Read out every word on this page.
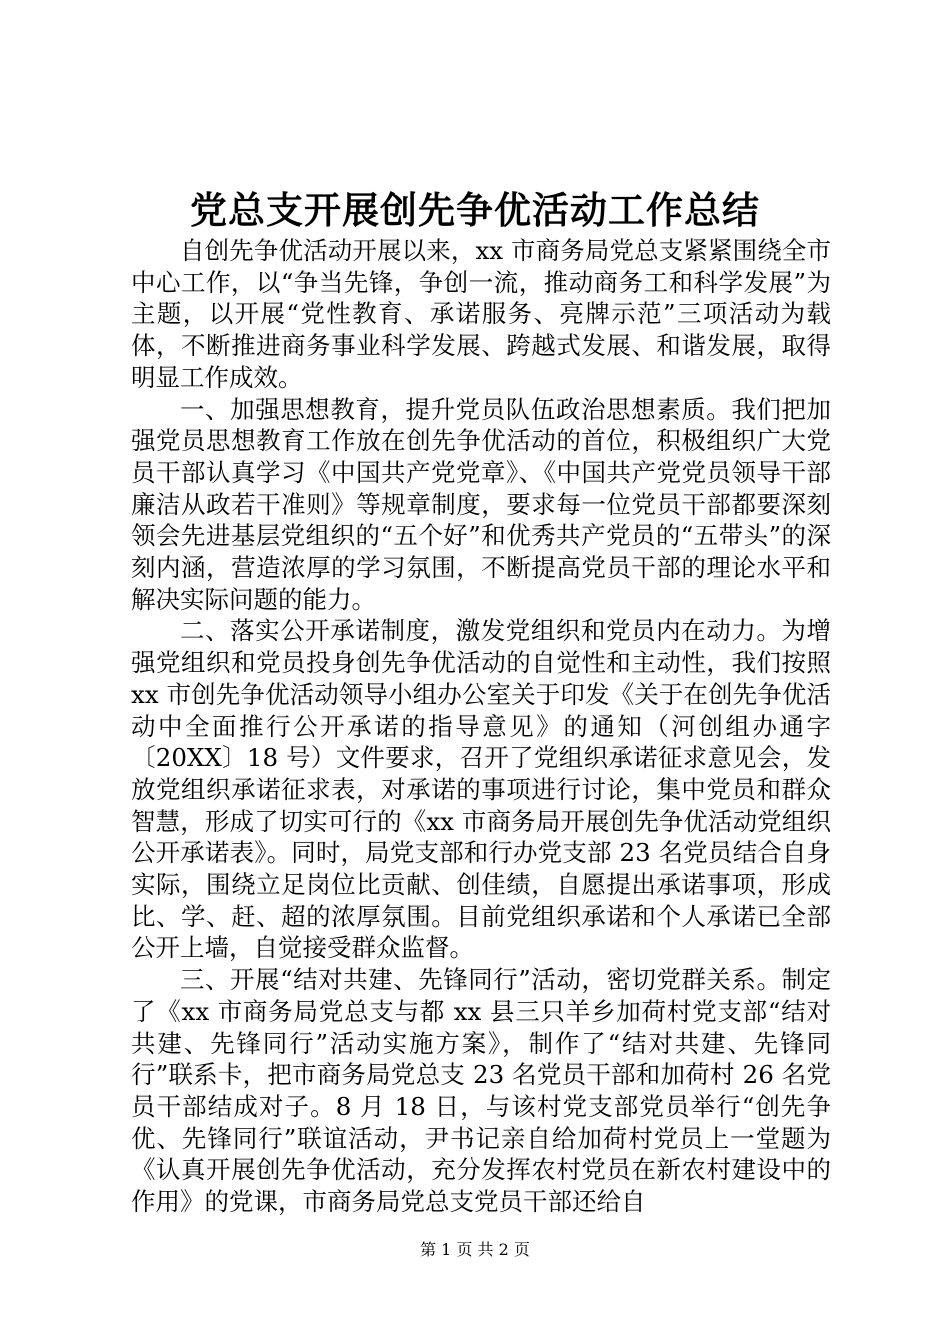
党总支开展创先争优活动工作总结

自创先争优活动开展以来，xx 市商务局党总支紧紧围绕全市中心工作，以“争当先锋，争创一流，推动商务工和科学发展”为主题，以开展“党性教育、承诺服务、亮牌示范”三项活动为载体，不断推进商务事业科学发展、跨越式发展、和谐发展，取得明显工作成效。

一、加强思想教育，提升党员队伍政治思想素质。我们把加强党员思想教育工作放在创先争优活动的首位，积极组织广大党员干部认真学习《中国共产党党章》、《中国共产党党员领导干部廉洁从政若干准则》等规章制度，要求每一位党员干部都要深刻领会先进基层党组织的“五个好”和优秀共产党员的“五带头”的深刻内涵，营造浓厚的学习氛围，不断提高党员干部的理论水平和解决实际问题的能力。

二、落实公开承诺制度，激发党组织和党员内在动力。为增强党组织和党员投身创先争优活动的自觉性和主动性，我们按照 xx 市创先争优活动领导小组办公室关于印发《关于在创先争优活动中全面推行公开承诺的指导意见》的通知（河创组办通字〔20XX〕18 号）文件要求，召开了党组织承诺征求意见会，发放党组织承诺征求表，对承诺的事项进行讨论，集中党员和群众智慧，形成了切实可行的《xx 市商务局开展创先争优活动党组织公开承诺表》。同时，局党支部和行办党支部 23 名党员结合自身实际，围绕立足岗位比贡献、创佳绩，自愿提出承诺事项，形成比、学、赶、超的浓厚氛围。目前党组织承诺和个人承诺已全部公开上墙，自觉接受群众监督。

三、开展“结对共建、先锋同行”活动，密切党群关系。制定了《xx 市商务局党总支与都 xx 县三只羊乡加荷村党支部“结对共建、先锋同行”活动实施方案》，制作了“结对共建、先锋同行”联系卡，把市商务局党总支 23 名党员干部和加荷村 26 名党员干部结成对子。8 月 18 日，与该村党支部党员举行“创先争优、先锋同行”联谊活动，尹书记亲自给加荷村党员上一堂题为《认真开展创先争优活动，充分发挥农村党员在新农村建设中的作用》的党课，市商务局党总支党员干部还给自

第 1 页 共 2 页
